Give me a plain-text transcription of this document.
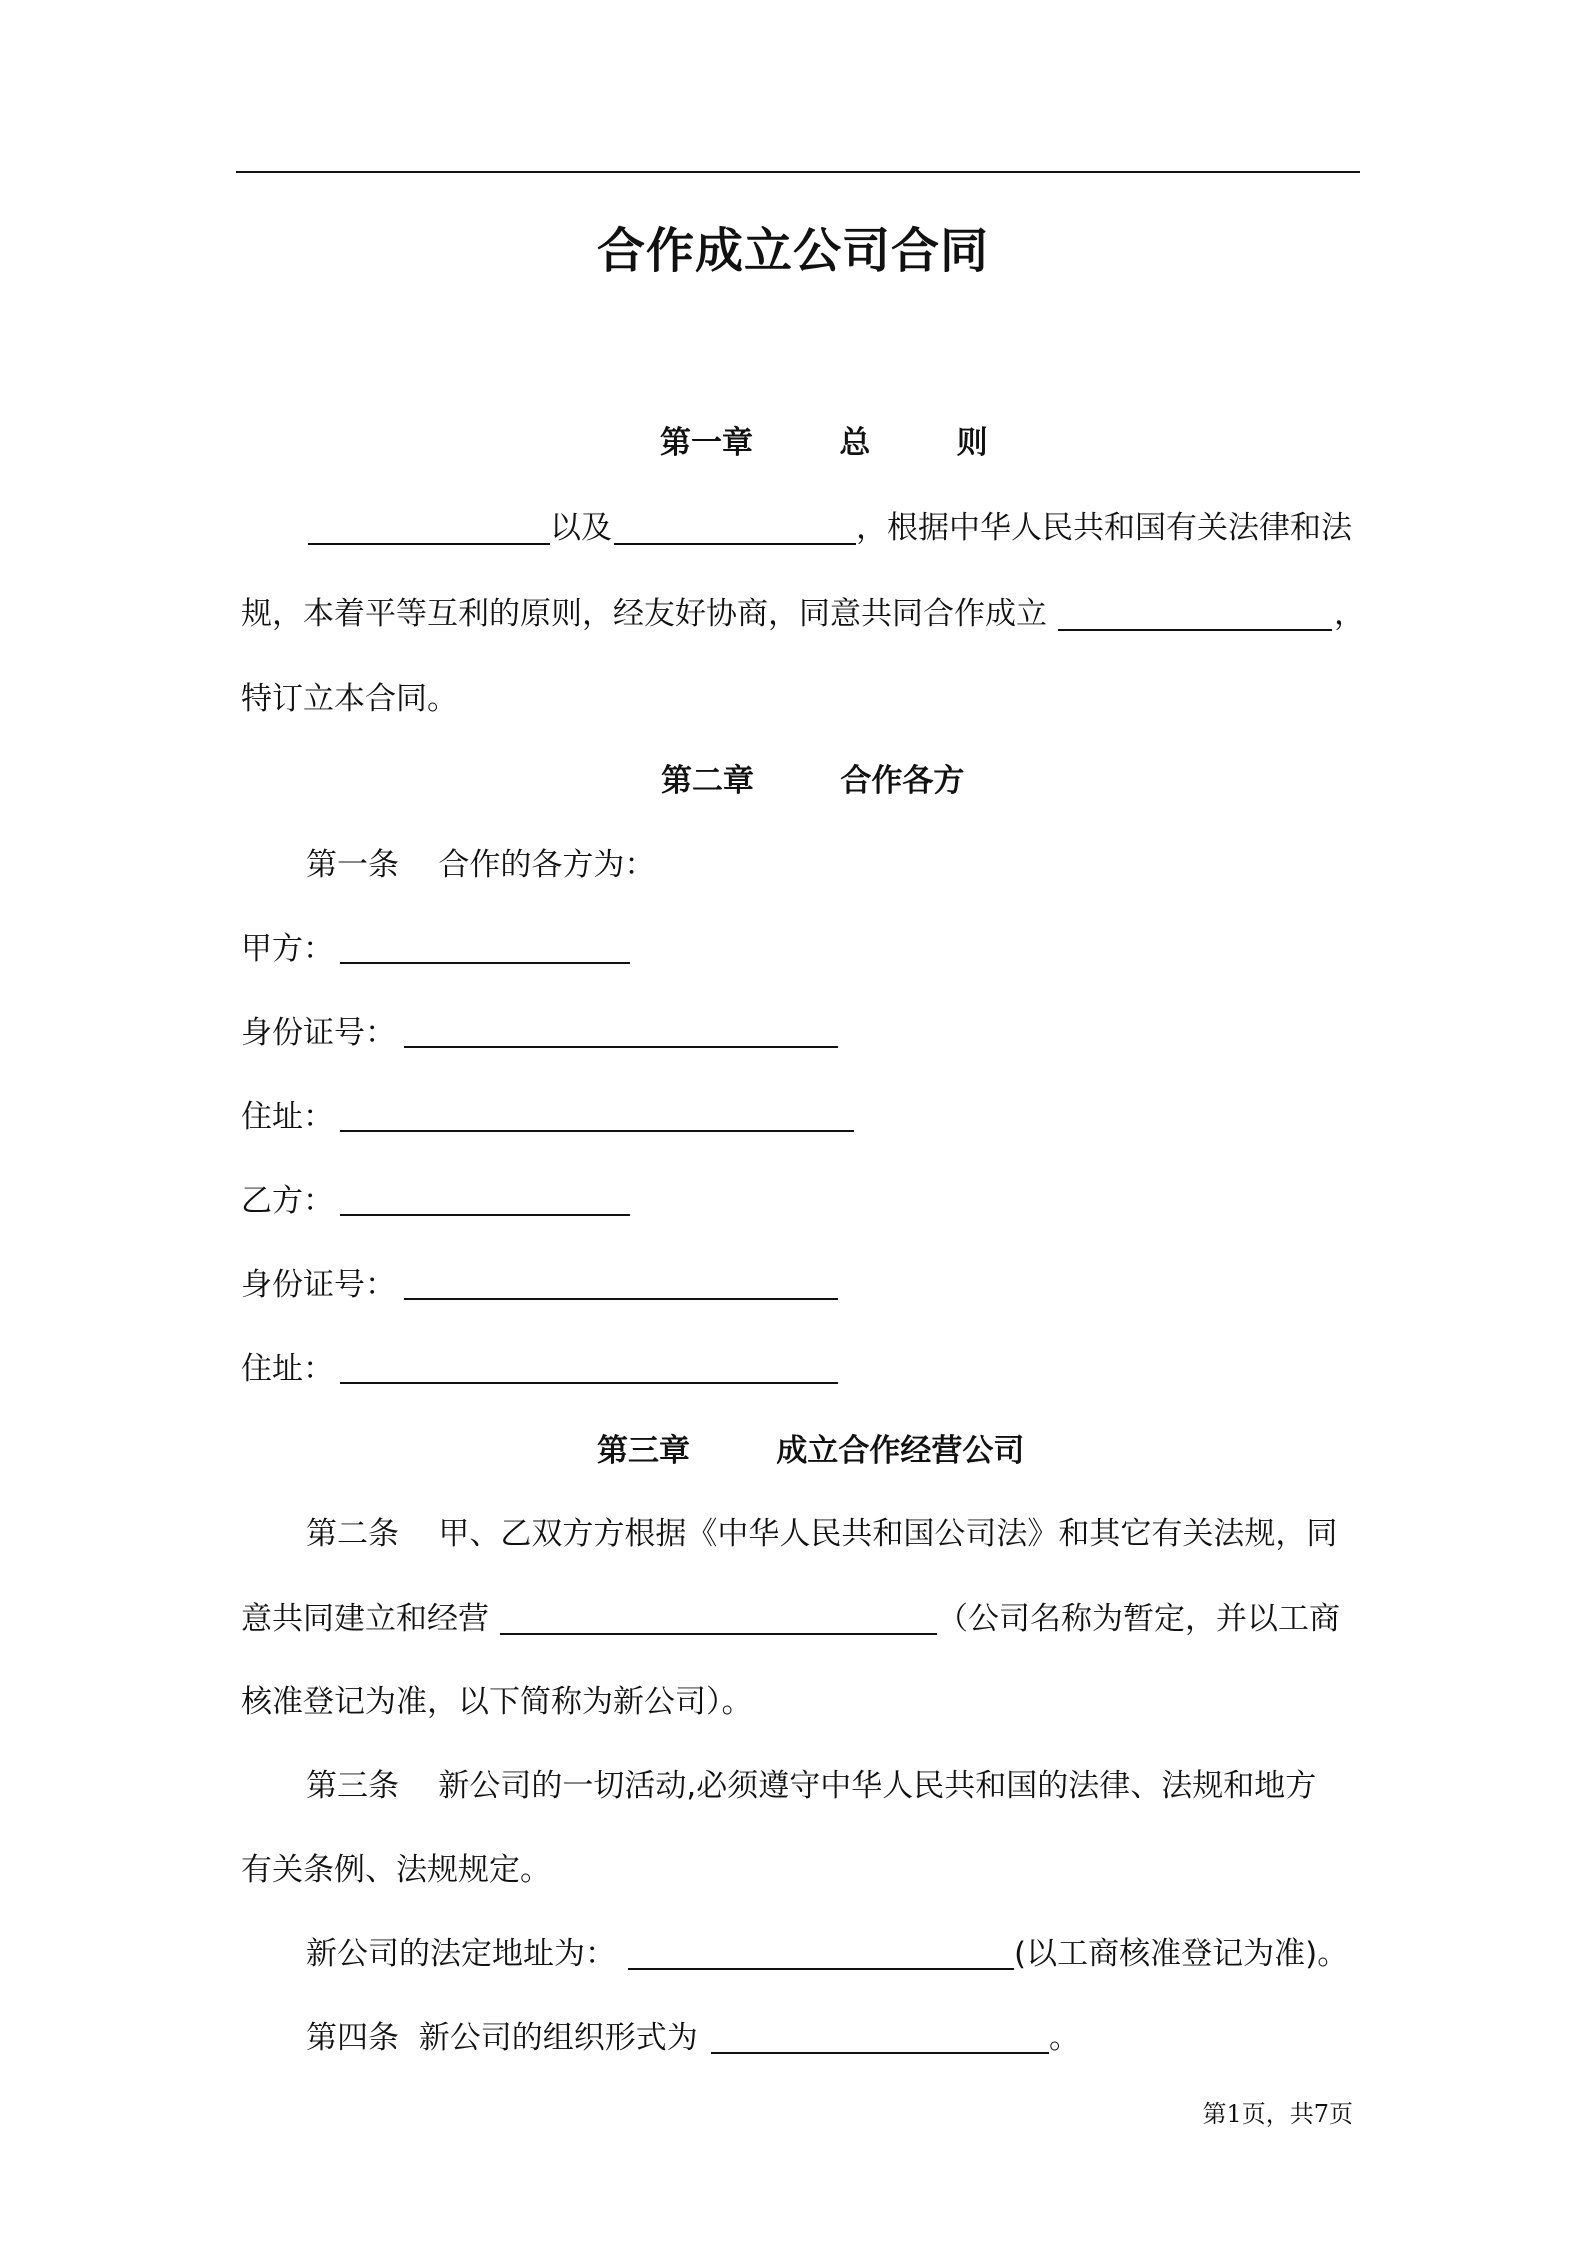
合作成立公司合同
第一章        总        则
以及	，根据中华人民共和国有关法律和法
规，本着平等互利的原则，经友好协商，同意共同合作成立	，
特订立本合同。
第二章        合作各方
第一条    合作的各方为：
甲方：
身份证号：
住址：
乙方：
身份证号：
住址：
第三章        成立合作经营公司
第二条    甲、乙双方方根据《中华人民共和国公司法》和其它有关法规，同
意共同建立和经营	（公司名称为暂定，并以工商
核准登记为准，以下简称为新公司）。
第三条    新公司的一切活动,必须遵守中华人民共和国的法律、法规和地方
有关条例、法规规定。
新公司的法定地址为：	(以工商核准登记为准)。
第四条  新公司的组织形式为	。
第1页，共7页
